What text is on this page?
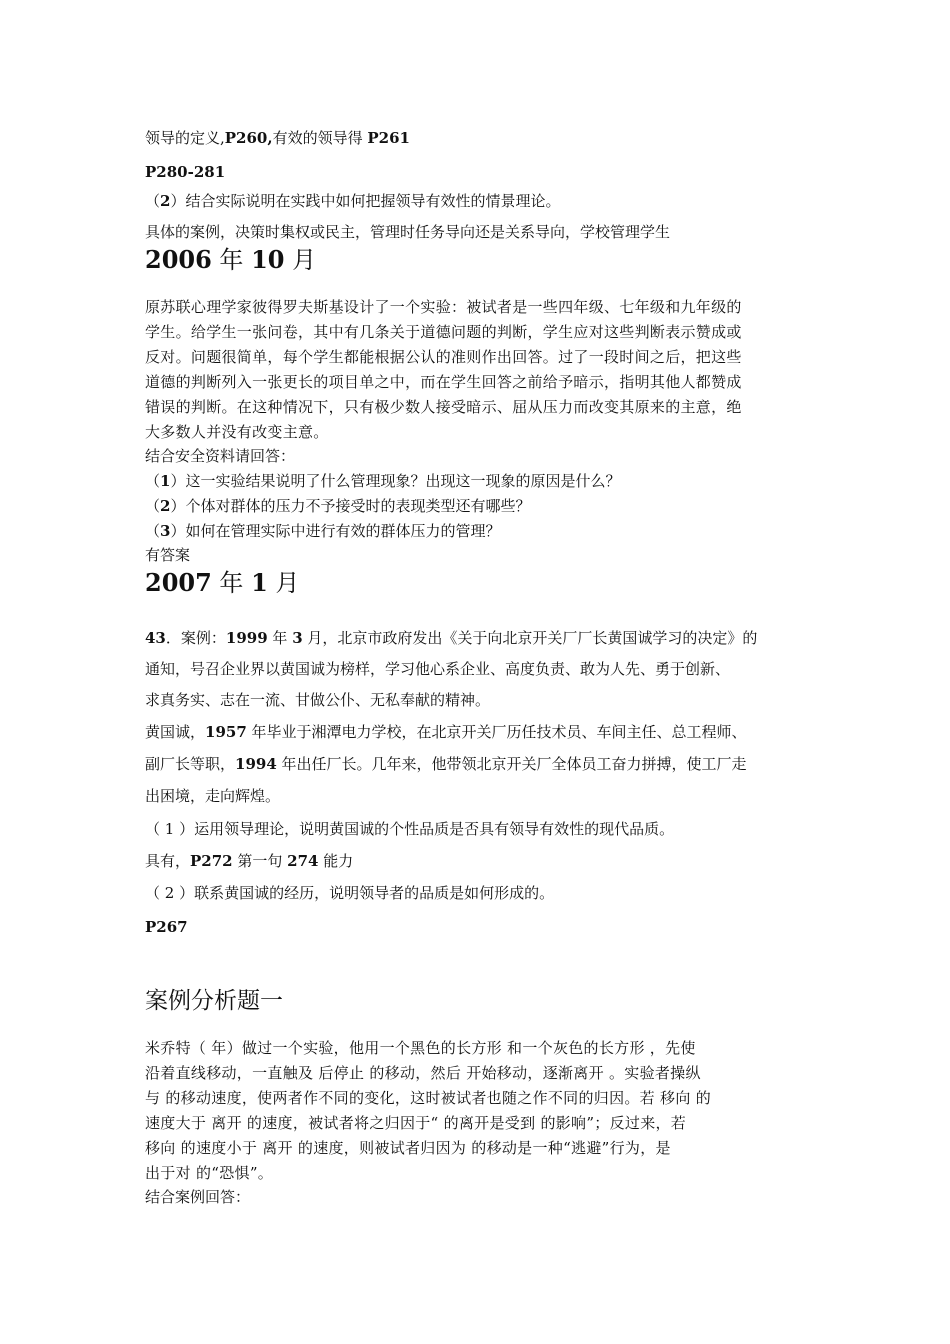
领导的定义,P260,有效的领导得 P261
P280-281
（2）结合实际说明在实践中如何把握领导有效性的情景理论。
具体的案例，决策时集权或民主，管理时任务导向还是关系导向，学校管理学生
2006 年 10 月
原苏联心理学家彼得罗夫斯基设计了一个实验：被试者是一些四年级、七年级和九年级的
学生。给学生一张问卷，其中有几条关于道德问题的判断，学生应对这些判断表示赞成或
反对。问题很简单，每个学生都能根据公认的准则作出回答。过了一段时间之后，把这些
道德的判断列入一张更长的项目单之中，而在学生回答之前给予暗示，指明其他人都赞成
错误的判断。在这种情况下，只有极少数人接受暗示、屈从压力而改变其原来的主意，绝
大多数人并没有改变主意。
结合安全资料请回答：
（1）这一实验结果说明了什么管理现象？出现这一现象的原因是什么？
（2）个体对群体的压力不予接受时的表现类型还有哪些？
（3）如何在管理实际中进行有效的群体压力的管理？
有答案
2007 年 1 月
43．案例：1999 年 3 月，北京市政府发出《关于向北京开关厂厂长黄国诚学习的决定》的
通知，号召企业界以黄国诚为榜样，学习他心系企业、高度负责、敢为人先、勇于创新、
求真务实、志在一流、甘做公仆、无私奉献的精神。
黄国诚，1957 年毕业于湘潭电力学校，在北京开关厂历任技术员、车间主任、总工程师、
副厂长等职，1994 年出任厂长。几年来，他带领北京开关厂全体员工奋力拼搏，使工厂走
出困境，走向辉煌。
（ 1 ）运用领导理论，说明黄国诚的个性品质是否具有领导有效性的现代品质。
具有，P272 第一句 274 能力
（ 2 ）联系黄国诚的经历，说明领导者的品质是如何形成的。
P267
案例分析题一
米乔特（ 年）做过一个实验，他用一个黑色的长方形 和一个灰色的长方形 ，先使
沿着直线移动，一直触及 后停止 的移动，然后 开始移动，逐渐离开 。实验者操纵
与 的移动速度，使两者作不同的变化，这时被试者也随之作不同的归因。若 移向 的
速度大于 离开 的速度，被试者将之归因于“ 的离开是受到 的影响”；反过来，若
移向 的速度小于 离开 的速度，则被试者归因为 的移动是一种“逃避”行为，是
出于对 的“恐惧”。
结合案例回答：
